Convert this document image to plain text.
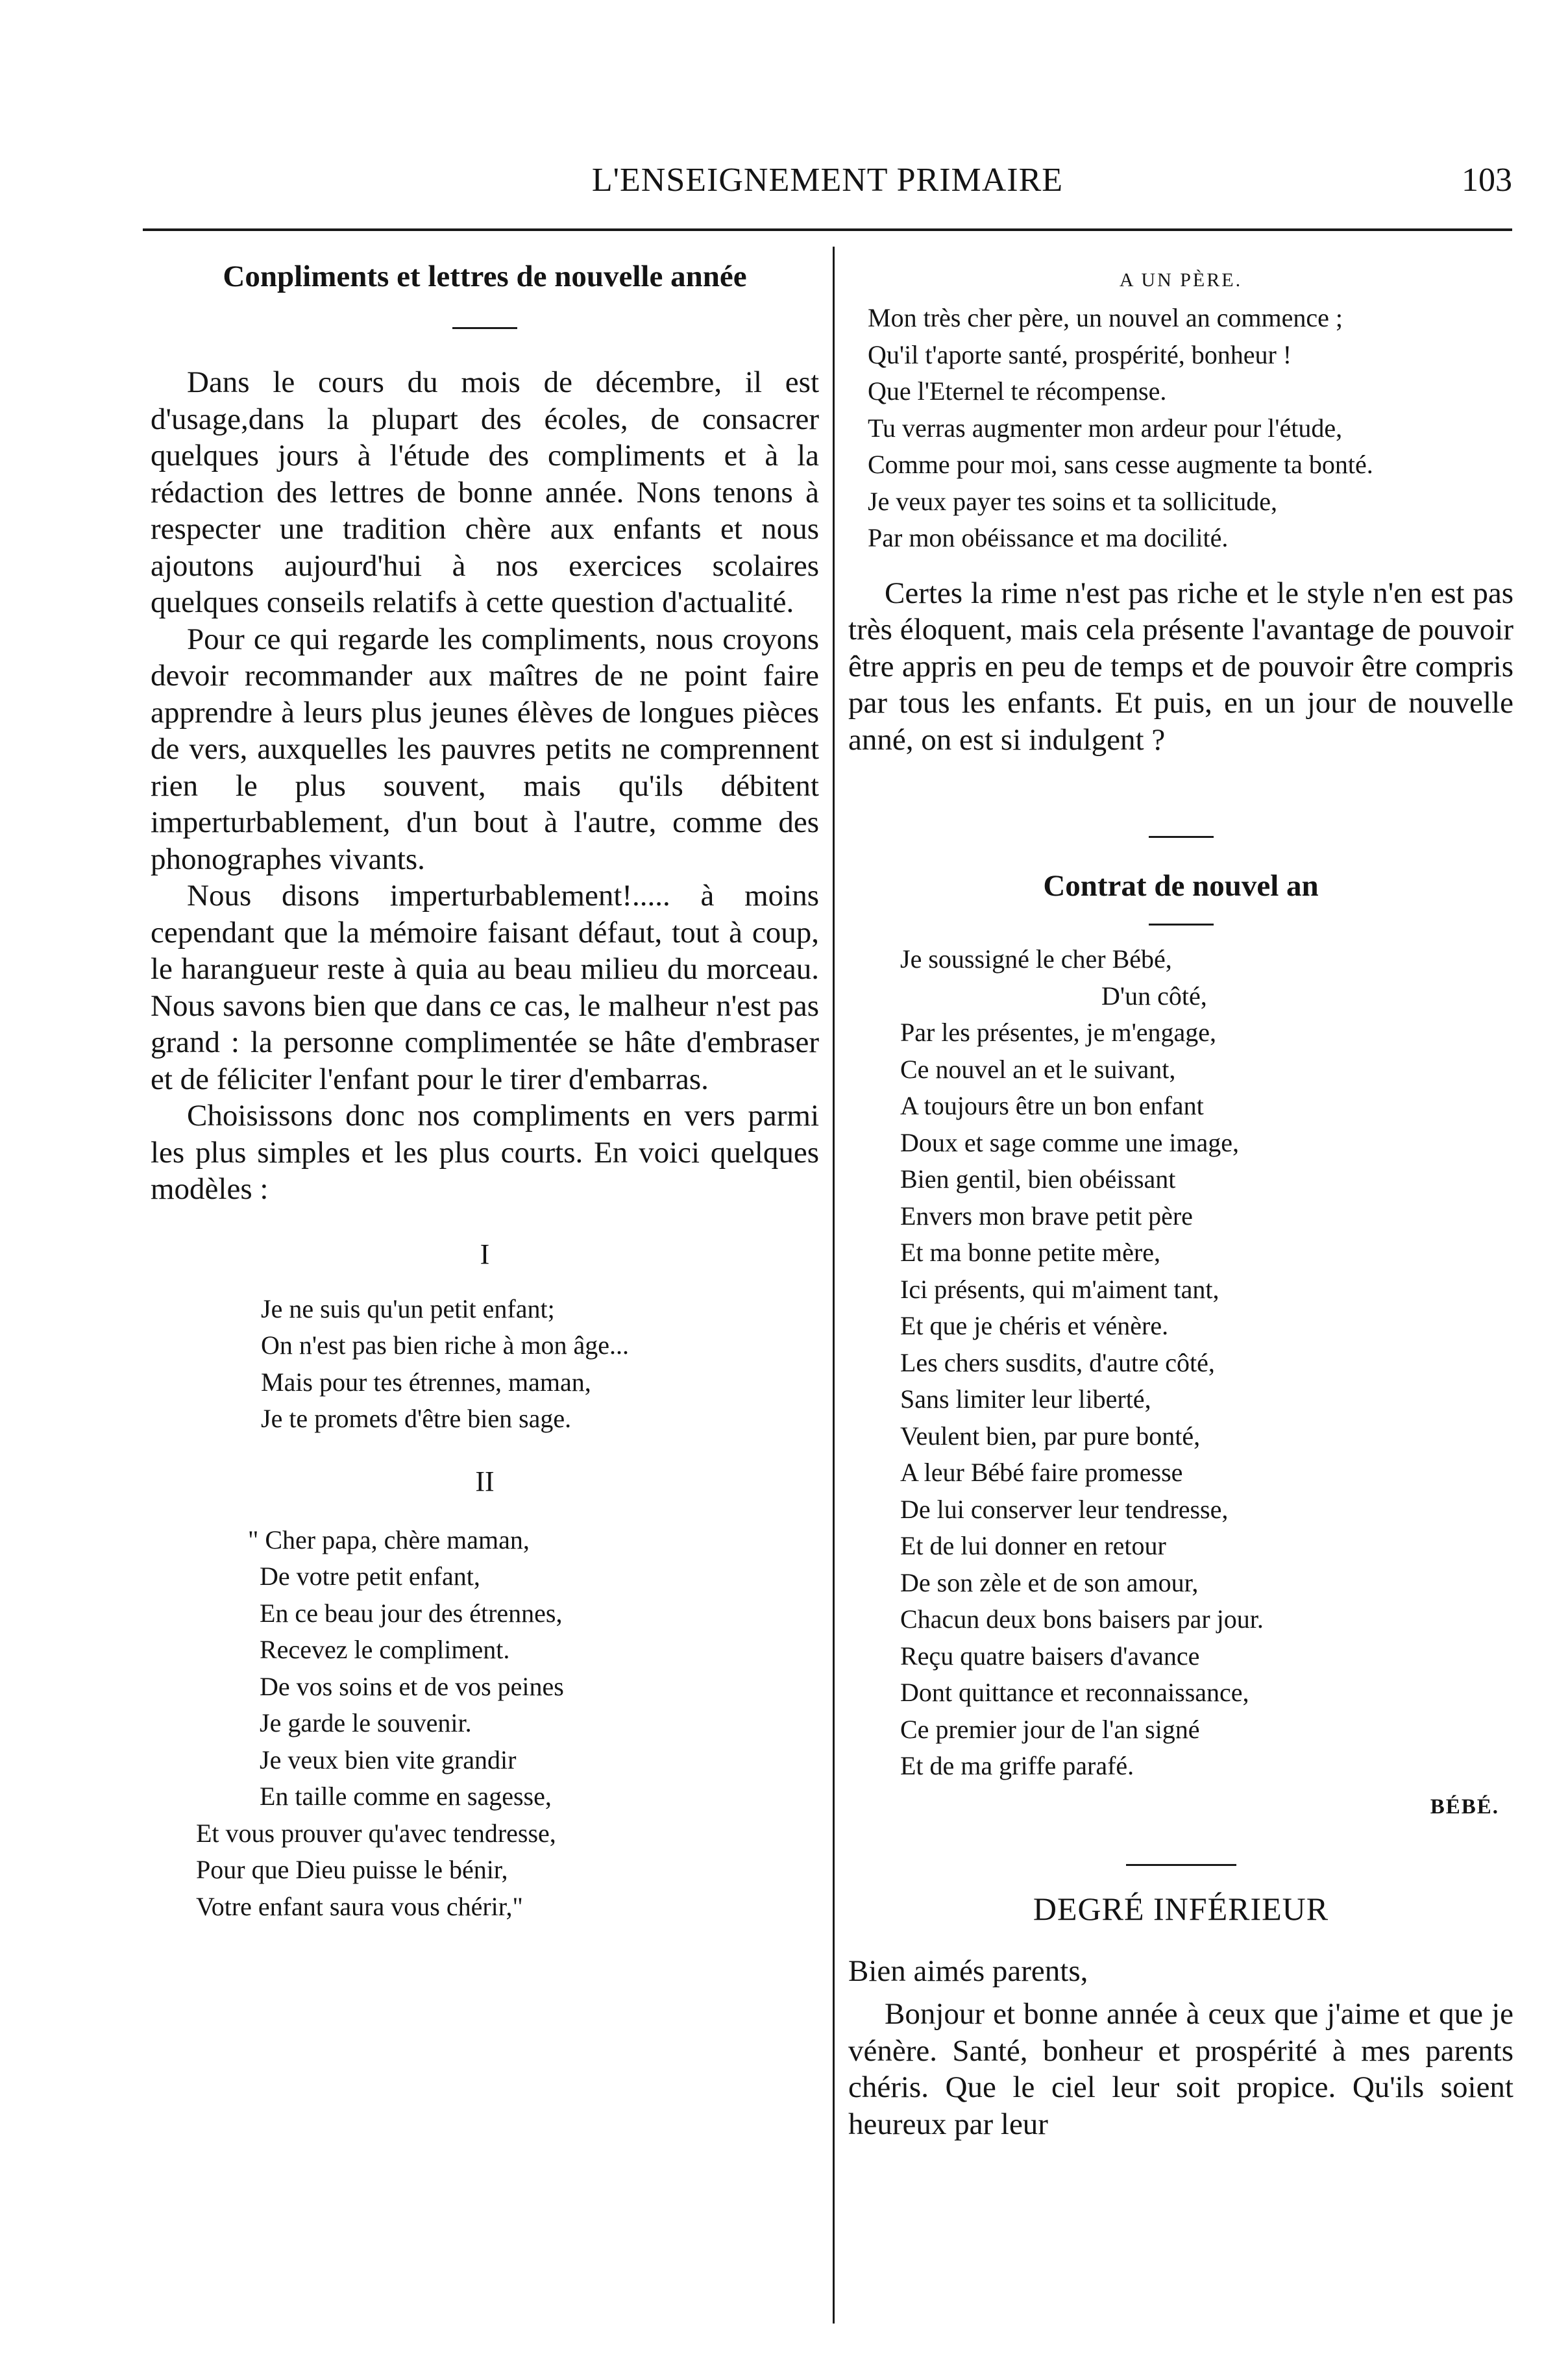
L'ENSEIGNEMENT PRIMAIRE	103
Conpliments et lettres de nouvelle année

Dans le cours du mois de décembre, il est d'usage,dans la plupart des écoles, de consacrer quelques jours à l'étude des compliments et à la rédaction des lettres de bonne année. Nons tenons à respecter une tradition chère aux enfants et nous ajoutons aujourd'hui à nos exercices scolaires quelques conseils relatifs à cette question d'actualité.

Pour ce qui regarde les compliments, nous croyons devoir recommander aux maîtres de ne point faire apprendre à leurs plus jeunes élèves de longues pièces de vers, auxquelles les pauvres petits ne comprennent rien le plus souvent, mais qu'ils débitent imperturbablement, d'un bout à l'autre, comme des phonographes vivants.

Nous disons imperturbablement!..... à moins cependant que la mémoire faisant défaut, tout à coup, le harangueur reste à quia au beau milieu du morceau. Nous savons bien que dans ce cas, le malheur n'est pas grand : la personne complimentée se hâte d'embraser et de féliciter l'enfant pour le tirer d'embarras.

Choisissons donc nos compliments en vers parmi les plus simples et les plus courts. En voici quelques modèles :

I
Je ne suis qu'un petit enfant;
On n'est pas bien riche à mon âge...
Mais pour tes étrennes, maman,
Je te promets d'être bien sage.
II
" Cher papa, chère maman,
De votre petit enfant,
En ce beau jour des étrennes,
Recevez le compliment.
De vos soins et de vos peines
Je garde le souvenir.
Je veux bien vite grandir
En taille comme en sagesse,
Et vous prouver qu'avec tendresse,
Pour que Dieu puisse le bénir,
Votre enfant saura vous chérir,"
A UN PÈRE.
Mon très cher père, un nouvel an commence ;
Qu'il t'aporte santé, prospérité, bonheur !
Que l'Eternel te récompense.
Tu verras augmenter mon ardeur pour l'étude,
Comme pour moi, sans cesse augmente ta bonté.
Je veux payer tes soins et ta sollicitude,
Par mon obéissance et ma docilité.

Certes la rime n'est pas riche et le style n'en est pas très éloquent, mais cela présente l'avantage de pouvoir être appris en peu de temps et de pouvoir être compris par tous les enfants. Et puis, en un jour de nouvelle anné, on est si indulgent ?

Contrat de nouvel an
Je soussigné le cher Bébé,
D'un côté,
Par les présentes, je m'engage,
Ce nouvel an et le suivant,
A toujours être un bon enfant
Doux et sage comme une image,
Bien gentil, bien obéissant
Envers mon brave petit père
Et ma bonne petite mère,
Ici présents, qui m'aiment tant,
Et que je chéris et vénère.
Les chers susdits, d'autre côté,
Sans limiter leur liberté,
Veulent bien, par pure bonté,
A leur Bébé faire promesse
De lui conserver leur tendresse,
Et de lui donner en retour
De son zèle et de son amour,
Chacun deux bons baisers par jour.
Reçu quatre baisers d'avance
Dont quittance et reconnaissance,
Ce premier jour de l'an signé
Et de ma griffe parafé.
BÉBÉ.
DEGRÉ INFÉRIEUR

Bien aimés parents,

Bonjour et bonne année à ceux que j'aime et que je vénère. Santé, bonheur et prospérité à mes parents chéris. Que le ciel leur soit propice. Qu'ils soient heureux par leur
